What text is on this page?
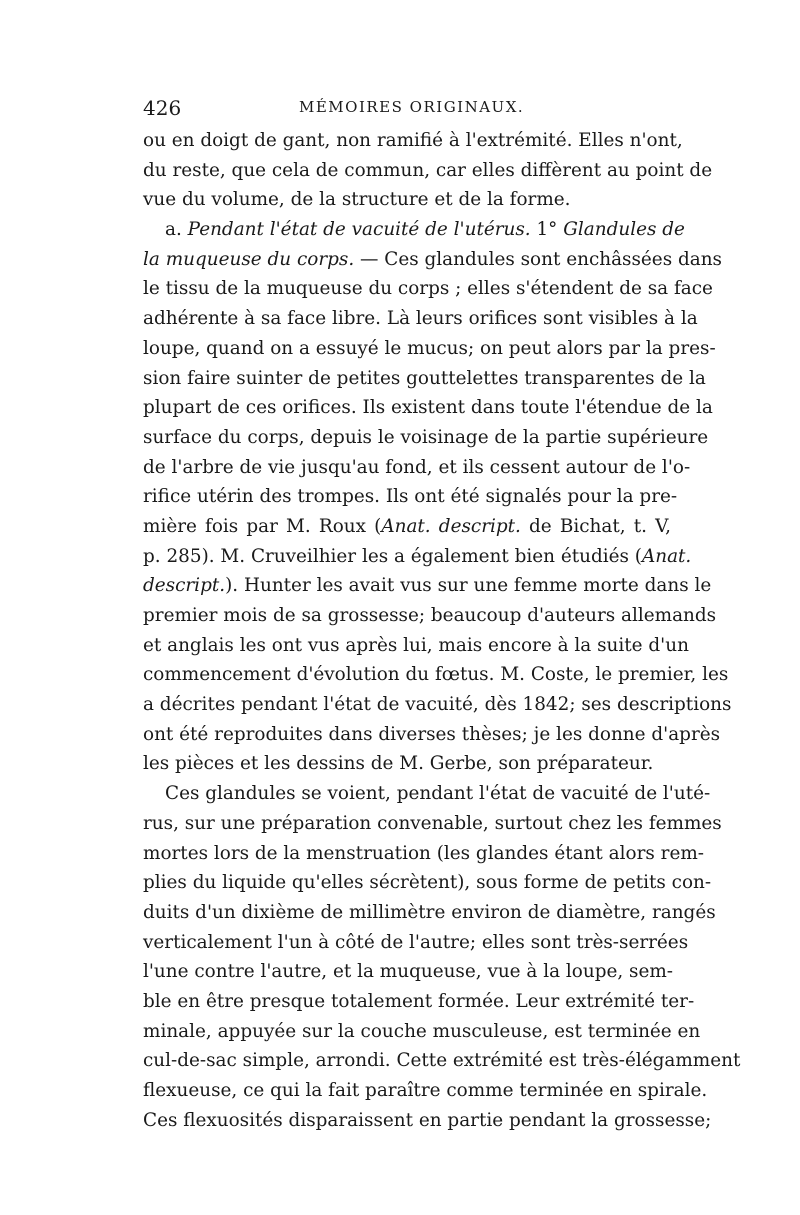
426	MÉMOIRES ORIGINAUX.
ou en doigt de gant, non ramifié à l'extrémité. Elles n'ont,
du reste, que cela de commun, car elles diffèrent au point de
vue du volume, de la structure et de la forme.
a. Pendant l'état de vacuité de l'utérus. 1° Glandules de
la muqueuse du corps. — Ces glandules sont enchâssées dans
le tissu de la muqueuse du corps ; elles s'étendent de sa face
adhérente à sa face libre. Là leurs orifices sont visibles à la
loupe, quand on a essuyé le mucus; on peut alors par la pres-
sion faire suinter de petites gouttelettes transparentes de la
plupart de ces orifices. Ils existent dans toute l'étendue de la
surface du corps, depuis le voisinage de la partie supérieure
de l'arbre de vie jusqu'au fond, et ils cessent autour de l'o-
rifice utérin des trompes. Ils ont été signalés pour la pre-
mière fois par M. Roux (Anat. descript. de Bichat, t. V,
p. 285). M. Cruveilhier les a également bien étudiés (Anat.
descript.). Hunter les avait vus sur une femme morte dans le
premier mois de sa grossesse; beaucoup d'auteurs allemands
et anglais les ont vus après lui, mais encore à la suite d'un
commencement d'évolution du fœtus. M. Coste, le premier, les
a décrites pendant l'état de vacuité, dès 1842; ses descriptions
ont été reproduites dans diverses thèses; je les donne d'après
les pièces et les dessins de M. Gerbe, son préparateur.
Ces glandules se voient, pendant l'état de vacuité de l'uté-
rus, sur une préparation convenable, surtout chez les femmes
mortes lors de la menstruation (les glandes étant alors rem-
plies du liquide qu'elles sécrètent), sous forme de petits con-
duits d'un dixième de millimètre environ de diamètre, rangés
verticalement l'un à côté de l'autre; elles sont très-serrées
l'une contre l'autre, et la muqueuse, vue à la loupe, sem-
ble en être presque totalement formée. Leur extrémité ter-
minale, appuyée sur la couche musculeuse, est terminée en
cul-de-sac simple, arrondi. Cette extrémité est très-élégamment
flexueuse, ce qui la fait paraître comme terminée en spirale.
Ces flexuosités disparaissent en partie pendant la grossesse;
